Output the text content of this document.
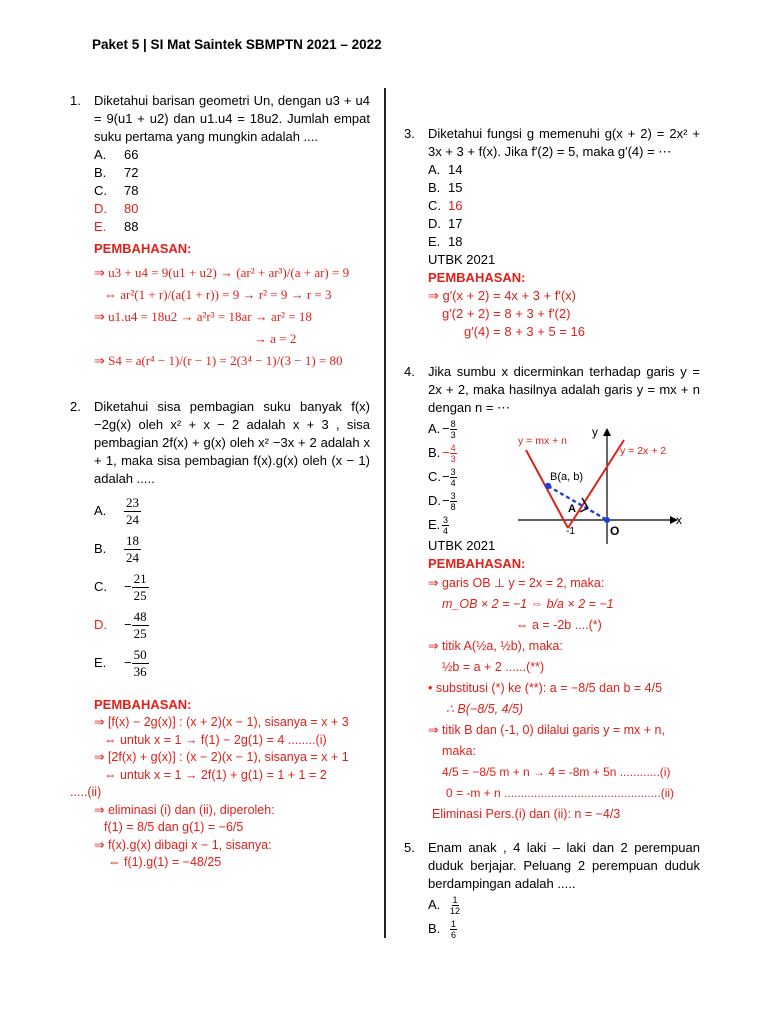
Paket 5 | SI Mat Saintek SBMPTN 2021 – 2022
1. Diketahui barisan geometri Un, dengan u3 + u4 = 9(u1 + u2) dan u1.u4 = 18u2. Jumlah empat suku pertama yang mungkin adalah ....
A.	66
B.	72
C.	78
D.	80
E.	88
PEMBAHASAN:
⇒ u3 + u4 = 9(u1 + u2) → (ar² + ar³)/(a + ar) = 9
⇔ ar²(1 + r)/(a(1 + r)) = 9 → r² = 9 → r = 3
⇒ u1.u4 = 18u2 → a²r³ = 18ar → ar² = 18
→ a = 2
⇒ S4 = a(r⁴ − 1)/(r − 1) = 2(3⁴ − 1)/(3 − 1) = 80
2. Diketahui sisa pembagian suku banyak f(x) −2g(x) oleh x² + x − 2 adalah x + 3 , sisa pembagian 2f(x) + g(x) oleh x² −3x + 2 adalah x + 1, maka sisa pembagian f(x).g(x) oleh (x − 1) adalah .....
A.	$\frac{23}{24}$
B.	$\frac{18}{24}$
C.	− $\frac{21}{25}$
D.	− $\frac{48}{25}$
E.	− $\frac{50}{36}$
PEMBAHASAN:
⇒ [f(x) − 2g(x)] : (x + 2)(x − 1), sisanya = x + 3
⇔ untuk x = 1 → f(1) − 2g(1) = 4 ........(i)
⇒ [2f(x) + g(x)] : (x − 2)(x − 1), sisanya = x + 1
⇔ untuk x = 1 → 2f(1) + g(1) = 1 + 1 = 2
.....(ii)
⇒ eliminasi (i) dan (ii), diperoleh:
f(1) = 8/5 dan g(1) = −6/5
⇒ f(x).g(x) dibagi x − 1, sisanya:
⇔ f(1).g(1) = −48/25
3. Diketahui fungsi g memenuhi g(x + 2) = 2x² + 3x + 3 + f(x). Jika f′(2) = 5, maka g′(4) = ⋯
A. 14
B. 15
C. 16
D. 17
E. 18
UTBK 2021
PEMBAHASAN:
⇒ g′(x + 2) = 4x + 3 + f′(x)
g′(2 + 2) = 8 + 3 + f′(2)
g′(4) = 8 + 3 + 5 = 16
4. Jika sumbu x dicerminkan terhadap garis y = 2x + 2, maka hasilnya adalah garis y = mx + n dengan n = ⋯
A. − $\frac{8}{3}$
B. − $\frac{4}{3}$
C. − $\frac{3}{4}$
D. − $\frac{3}{8}$
E. 3
4
UTBK 2021
PEMBAHASAN:
⇒ garis OB ⊥ y = 2x = 2, maka:
m_OB × 2 = −1 ⇔ b/a × 2 = −1
⇔ a = -2b ....(*)
⇒ titik A(½a, ½b), maka:
½b = a + 2 ......(**)
• substitusi (*) ke (**): a = −8/5 dan b = 4/5
∴ B(−8/5, 4/5)
⇒ titik B dan (-1, 0) dilalui garis y = mx + n,
maka:
4/5 = −8/5 m + n → 4 = -8m + 5n ............(i)
0 = -m + n ...............................................(ii)
Eliminasi Pers.(i) dan (ii): n = −4/3
5. Enam anak , 4 laki – laki dan 2 perempuan duduk berjajar. Peluang 2 perempuan duduk berdampingan adalah .....
A.	1
12
B.	1
6
x
y
B(a, b)
A
O
-1
y = mx + n
y = 2x + 2
